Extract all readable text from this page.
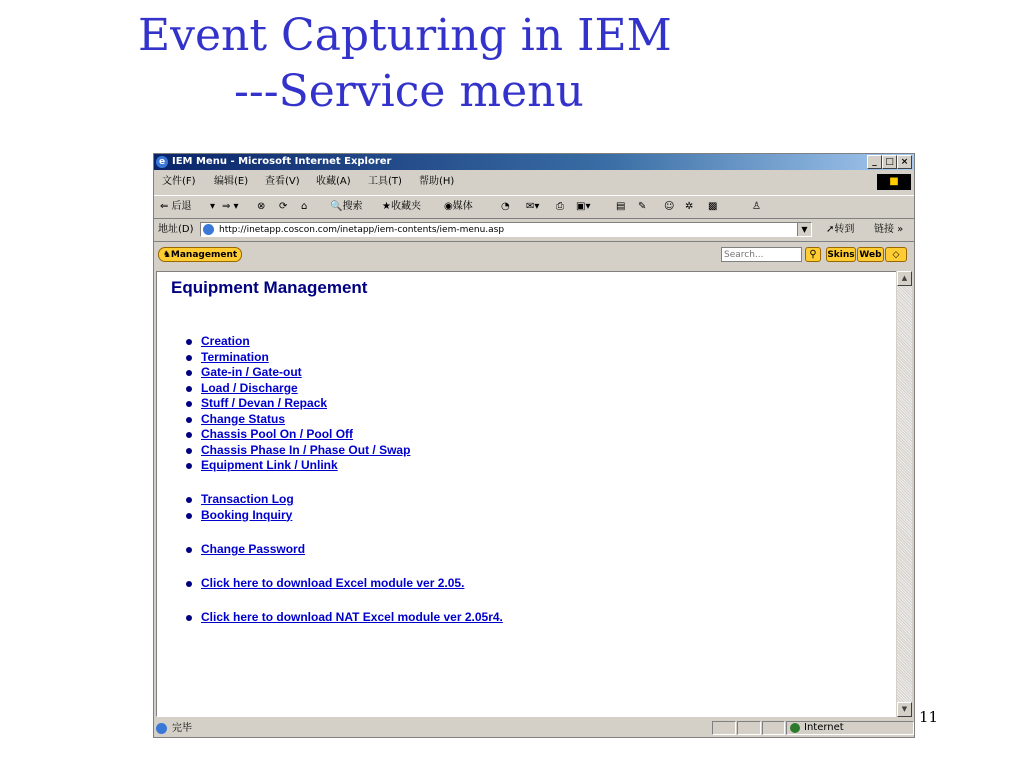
Event Capturing in IEM
---Service menu
e IEM Menu - Microsoft Internet Explorer	_ □ ×
文件(F) 编辑(E) 查看(V) 收藏(A) 工具(T) 帮助(H)	■
⇐ 后退 ▾ ⇒ ▾ ⊗ ⟳ ⌂ 🔍搜索 ★收藏夹 ◉媒体	◔ ✉▾ ⎙ ▣▾	▤ ✎ ☺ ✲ ▩	♙
地址(D)	http://inetapp.coscon.com/inetapp/iem-contents/iem-menu.asp	▼	➚转到 链接 »
♞Management
Search...	⚲	Skins Web	◇
Equipment Management
Creation
Termination
Gate-in / Gate-out
Load / Discharge
Stuff / Devan / Repack
Change Status
Chassis Pool On / Pool Off
Chassis Phase In / Phase Out / Swap
Equipment Link / Unlink
Transaction Log
Booking Inquiry
Change Password
Click here to download Excel module ver 2.05.
Click here to download NAT Excel module ver 2.05r4.
▲
▼
完毕	Internet
11
